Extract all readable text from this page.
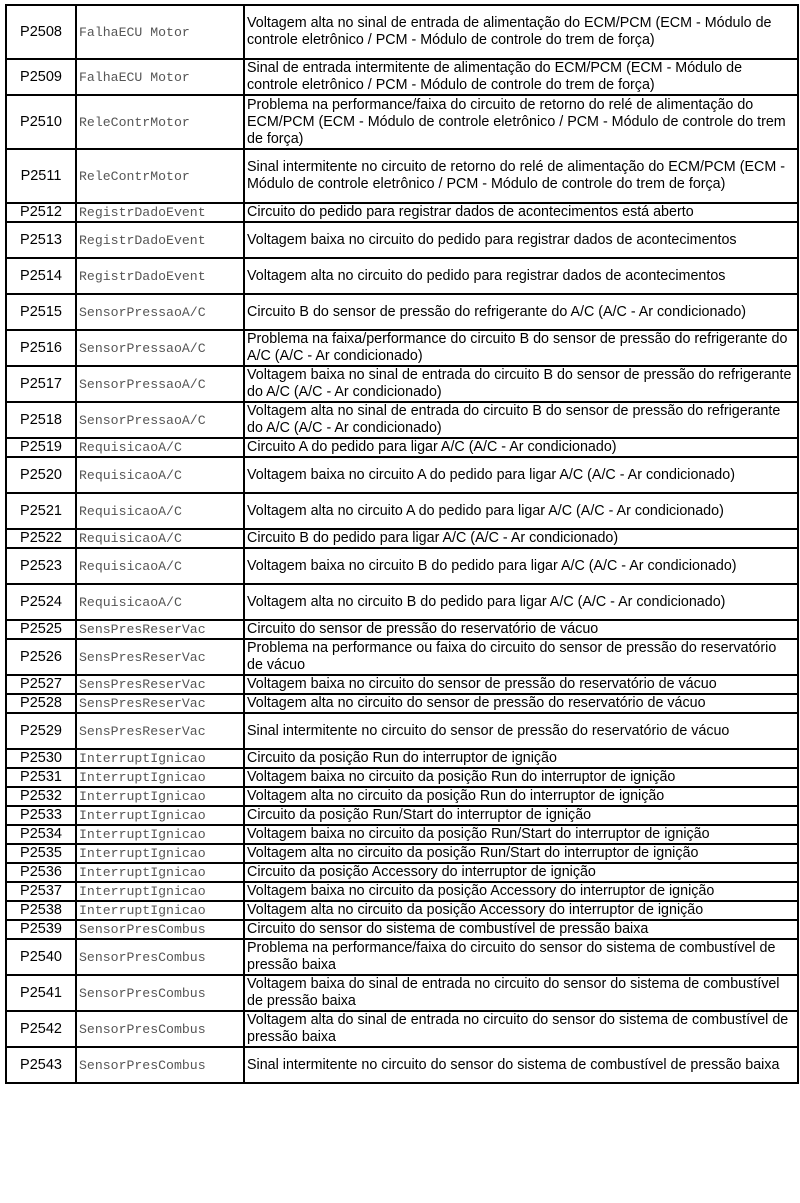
P2508	FalhaECU Motor	Voltagem alta no sinal de entrada de alimentação do ECM/PCM (ECM - Módulo de controle eletrônico / PCM - Módulo de controle do trem de força)
P2509	FalhaECU Motor	Sinal de entrada intermitente de alimentação do ECM/PCM (ECM - Módulo de controle eletrônico / PCM - Módulo de controle do trem de força)
P2510	ReleContrMotor	Problema na performance/faixa do circuito de retorno do relé de alimentação do ECM/PCM (ECM - Módulo de controle eletrônico / PCM - Módulo de controle do trem de força)
P2511	ReleContrMotor	Sinal intermitente no circuito de retorno do relé de alimentação do ECM/PCM (ECM - Módulo de controle eletrônico / PCM - Módulo de controle do trem de força)
P2512	RegistrDadoEvent	Circuito do pedido para registrar dados de acontecimentos está aberto
P2513	RegistrDadoEvent	Voltagem baixa no circuito do pedido para registrar dados de acontecimentos
P2514	RegistrDadoEvent	Voltagem alta no circuito do pedido para registrar dados de acontecimentos
P2515	SensorPressaoA/C	Circuito B do sensor de pressão do refrigerante do A/C (A/C - Ar condicionado)
P2516	SensorPressaoA/C	Problema na faixa/performance do circuito B do sensor de pressão do refrigerante do A/C (A/C - Ar condicionado)
P2517	SensorPressaoA/C	Voltagem baixa no sinal de entrada do circuito B do sensor de pressão do refrigerante do A/C (A/C - Ar condicionado)
P2518	SensorPressaoA/C	Voltagem alta no sinal de entrada do circuito B do sensor de pressão do refrigerante do A/C (A/C - Ar condicionado)
P2519	RequisicaoA/C	Circuito A do pedido para ligar A/C (A/C - Ar condicionado)
P2520	RequisicaoA/C	Voltagem baixa no circuito A do pedido para ligar A/C (A/C - Ar condicionado)
P2521	RequisicaoA/C	Voltagem alta no circuito A do pedido para ligar A/C (A/C - Ar condicionado)
P2522	RequisicaoA/C	Circuito B do pedido para ligar A/C (A/C - Ar condicionado)
P2523	RequisicaoA/C	Voltagem baixa no circuito B do pedido para ligar A/C (A/C - Ar condicionado)
P2524	RequisicaoA/C	Voltagem alta no circuito B do pedido para ligar A/C (A/C - Ar condicionado)
P2525	SensPresReserVac	Circuito do sensor de pressão do reservatório de vácuo
P2526	SensPresReserVac	Problema na performance ou faixa do circuito do sensor de pressão do reservatório de vácuo
P2527	SensPresReserVac	Voltagem baixa no circuito do sensor de pressão do reservatório de vácuo
P2528	SensPresReserVac	Voltagem alta no circuito do sensor de pressão do reservatório de vácuo
P2529	SensPresReserVac	Sinal intermitente no circuito do sensor de pressão do reservatório de vácuo
P2530	InterruptIgnicao	Circuito da posição Run do interruptor de ignição
P2531	InterruptIgnicao	Voltagem baixa no circuito da posição Run do interruptor de ignição
P2532	InterruptIgnicao	Voltagem alta no circuito da posição Run do interruptor de ignição
P2533	InterruptIgnicao	Circuito da posição Run/Start do interruptor de ignição
P2534	InterruptIgnicao	Voltagem baixa no circuito da posição Run/Start do interruptor de ignição
P2535	InterruptIgnicao	Voltagem alta no circuito da posição Run/Start do interruptor de ignição
P2536	InterruptIgnicao	Circuito da posição Accessory do interruptor de ignição
P2537	InterruptIgnicao	Voltagem baixa no circuito da posição Accessory do interruptor de ignição
P2538	InterruptIgnicao	Voltagem alta no circuito da posição Accessory do interruptor de ignição
P2539	SensorPresCombus	Circuito do sensor do sistema de combustível de pressão baixa
P2540	SensorPresCombus	Problema na performance/faixa do circuito do sensor do sistema de combustível de pressão baixa
P2541	SensorPresCombus	Voltagem baixa do sinal de entrada no circuito do sensor do sistema de combustível de pressão baixa
P2542	SensorPresCombus	Voltagem alta do sinal de entrada no circuito do sensor do sistema de combustível de pressão baixa
P2543	SensorPresCombus	Sinal intermitente no circuito do sensor do sistema de combustível de pressão baixa
